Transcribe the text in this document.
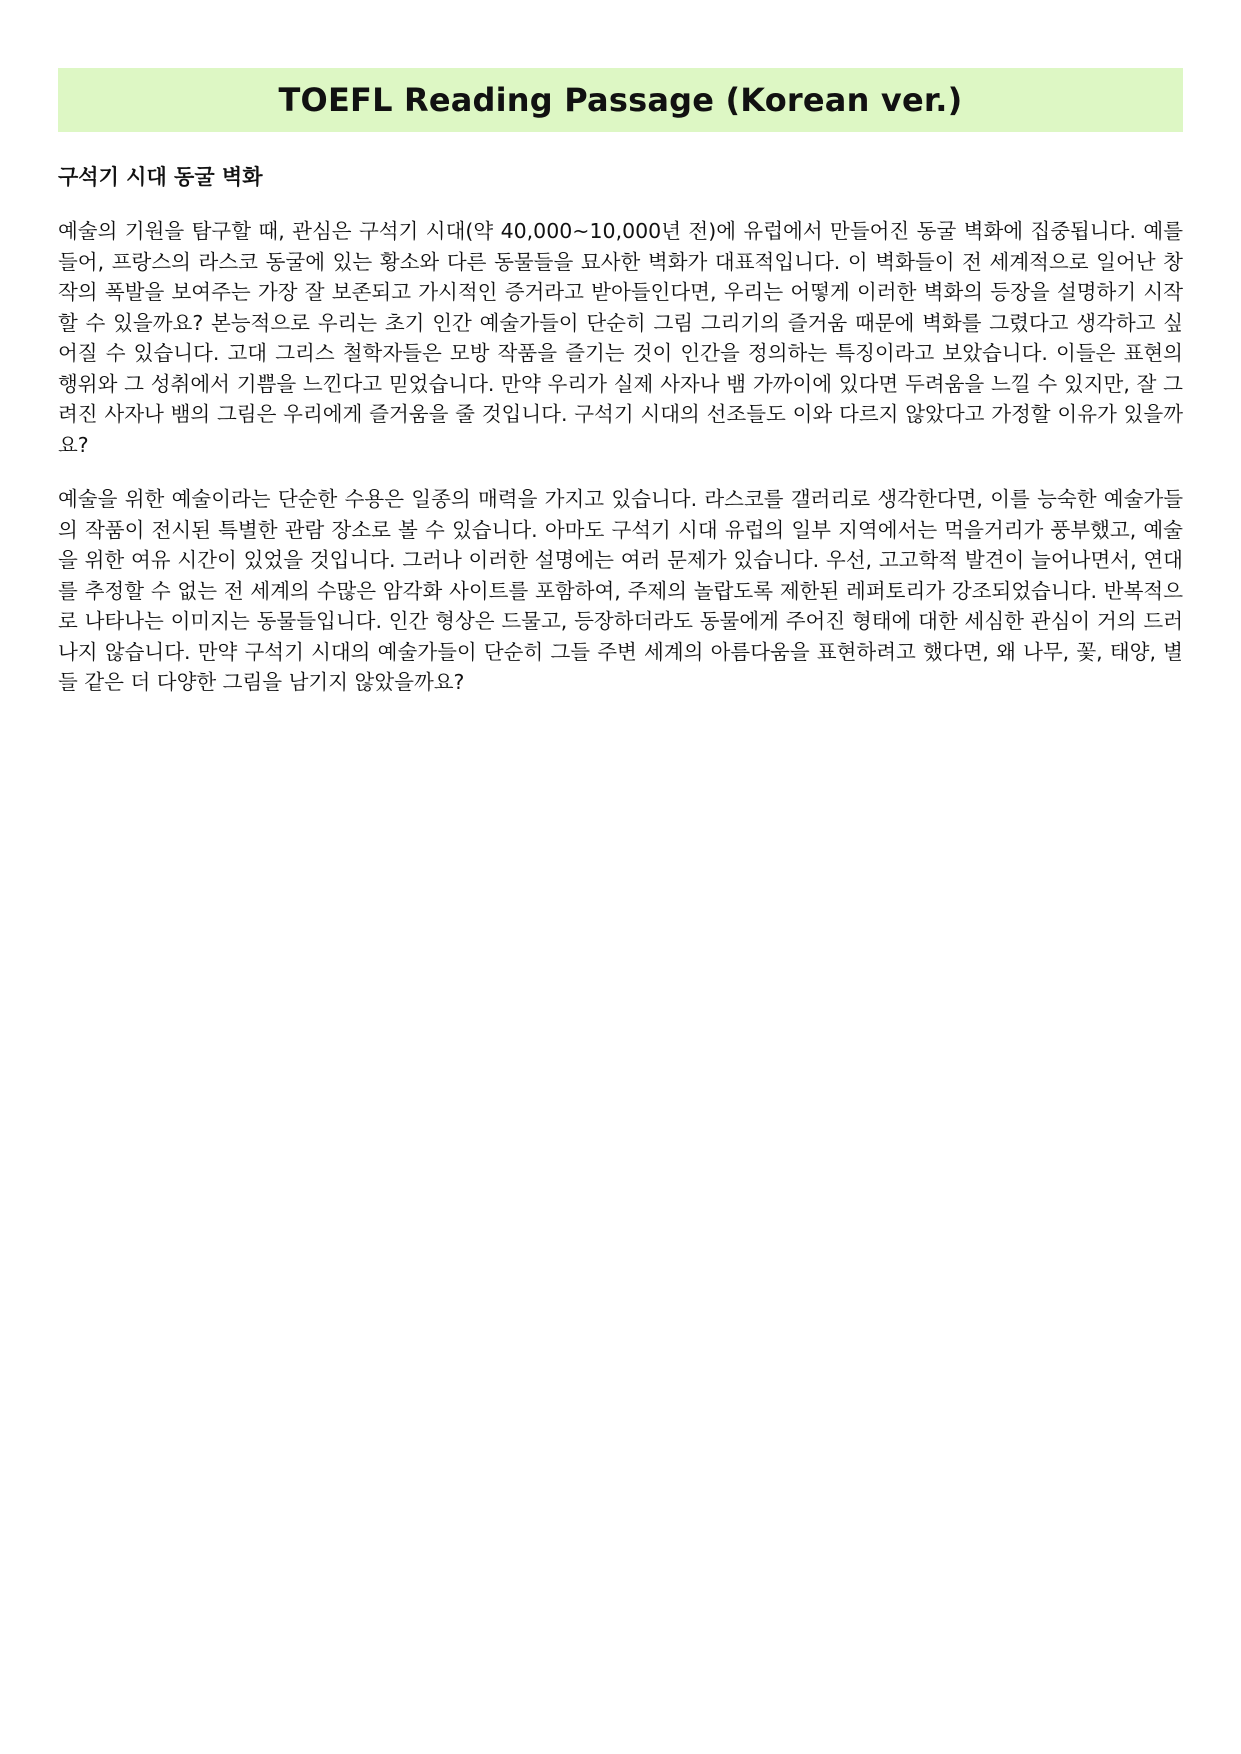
TOEFL Reading Passage (Korean ver.)
구석기 시대 동굴 벽화

예술의 기원을 탐구할 때, 관심은 구석기 시대(약 40,000~10,000년 전)에 유럽에서 만들어진 동굴 벽화에 집중됩니다. 예를 들어, 프랑스의 라스코 동굴에 있는 황소와 다른 동물들을 묘사한 벽화가 대표적입니다. 이 벽화들이 전 세계적으로 일어난 창작의 폭발을 보여주는 가장 잘 보존되고 가시적인 증거라고 받아들인다면, 우리는 어떻게 이러한 벽화의 등장을 설명하기 시작할 수 있을까요? 본능적으로 우리는 초기 인간 예술가들이 단순히 그림 그리기의 즐거움 때문에 벽화를 그렸다고 생각하고 싶어질 수 있습니다. 고대 그리스 철학자들은 모방 작품을 즐기는 것이 인간을 정의하는 특징이라고 보았습니다. 이들은 표현의 행위와 그 성취에서 기쁨을 느낀다고 믿었습니다. 만약 우리가 실제 사자나 뱀 가까이에 있다면 두려움을 느낄 수 있지만, 잘 그려진 사자나 뱀의 그림은 우리에게 즐거움을 줄 것입니다. 구석기 시대의 선조들도 이와 다르지 않았다고 가정할 이유가 있을까요?

예술을 위한 예술이라는 단순한 수용은 일종의 매력을 가지고 있습니다. 라스코를 갤러리로 생각한다면, 이를 능숙한 예술가들의 작품이 전시된 특별한 관람 장소로 볼 수 있습니다. 아마도 구석기 시대 유럽의 일부 지역에서는 먹을거리가 풍부했고, 예술을 위한 여유 시간이 있었을 것입니다. 그러나 이러한 설명에는 여러 문제가 있습니다. 우선, 고고학적 발견이 늘어나면서, 연대를 추정할 수 없는 전 세계의 수많은 암각화 사이트를 포함하여, 주제의 놀랍도록 제한된 레퍼토리가 강조되었습니다. 반복적으로 나타나는 이미지는 동물들입니다. 인간 형상은 드물고, 등장하더라도 동물에게 주어진 형태에 대한 세심한 관심이 거의 드러나지 않습니다. 만약 구석기 시대의 예술가들이 단순히 그들 주변 세계의 아름다움을 표현하려고 했다면, 왜 나무, 꽃, 태양, 별들 같은 더 다양한 그림을 남기지 않았을까요?
